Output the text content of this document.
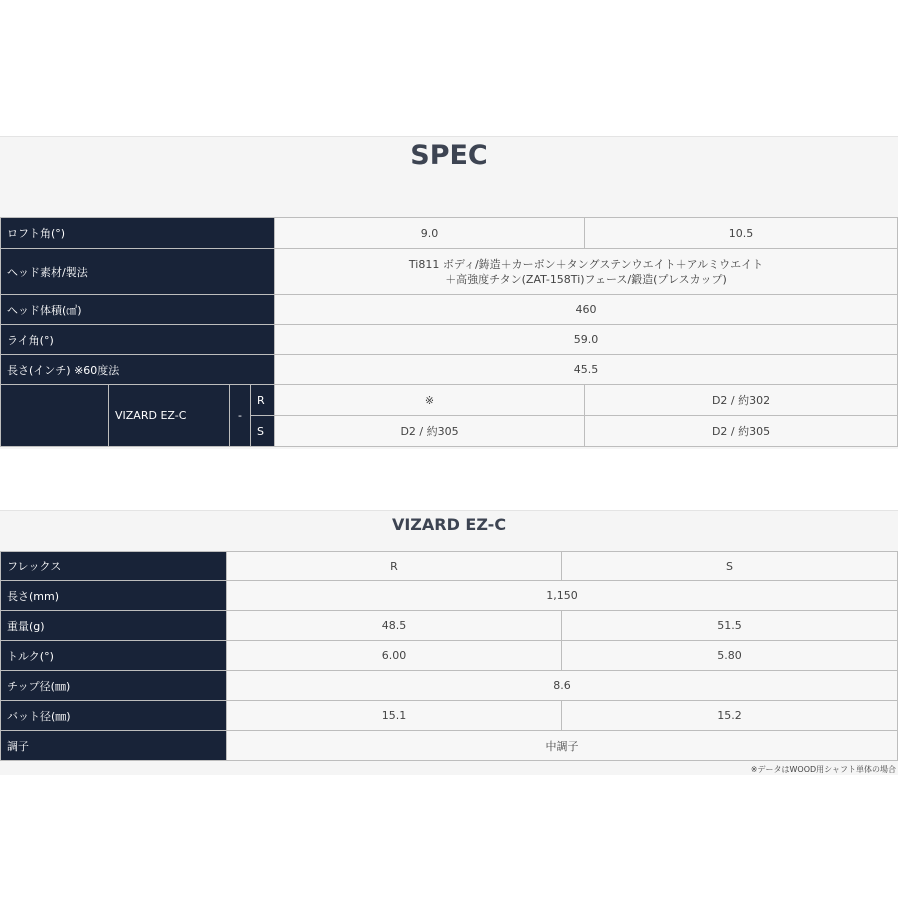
SPEC
ロフト角(°)				9.0	10.5
ヘッド素材/製法				Ti811 ボディ/鋳造＋カーボン＋タングステンウエイト＋アルミウエイト
＋高強度チタン(ZAT-158Ti)フェース/鍛造(プレスカップ)	

ヘッド体積(㎤)				460	
ライ角(°)				59.0	
長さ(インチ) ※60度法				45.5	
	VIZARD EZ-C	-	R	※	D2 / 約302
			S	D2 / 約305	D2 / 約305
VIZARD EZ-C
フレックス	R	S
長さ(mm)	1,150	
重量(g)	48.5	51.5
トルク(°)	6.00	5.80
チップ径(㎜)	8.6	
バット径(㎜)	15.1	15.2
調子	中調子	
※データはWOOD用シャフト単体の場合
